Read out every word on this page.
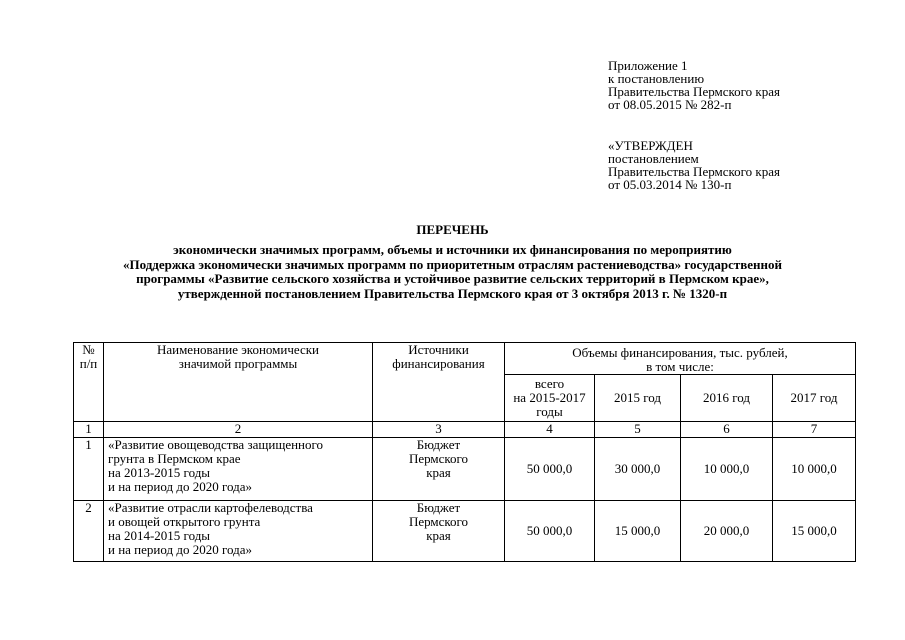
Приложение 1

к постановлению

Правительства Пермского края

от 08.05.2015 № 282-п

«УТВЕРЖДЕН

постановлением

Правительства Пермского края

от 05.03.2014 № 130-п

ПЕРЕЧЕНЬ

экономически значимых программ, объемы и источники их финансирования по мероприятию

«Поддержка экономически значимых программ по приоритетным отраслям растениеводства» государственной

программы «Развитие сельского хозяйства и устойчивое развитие сельских территорий в Пермском крае»,

утвержденной постановлением Правительства Пермского края от 3 октября 2013 г. № 1320-п

№
п/п	Наименование экономически
значимой программы	Источники
финансирования	Объемы финансирования, тыс. рублей,
в том числе:			

			всего
на 2015-2017
годы	2015 год	2016 год	2017 год
1	2	3	4	5	6	7
1	«Развитие овощеводства защищенного
грунта в Пермском крае
на 2013-2015 годы
и на период до 2020 года»	Бюджет
Пермского
края	50 000,0	30 000,0	10 000,0	10 000,0
2	«Развитие отрасли картофелеводства
и овощей открытого грунта
на 2014-2015 годы
и на период до 2020 года»	Бюджет
Пермского
края	50 000,0	15 000,0	20 000,0	15 000,0
